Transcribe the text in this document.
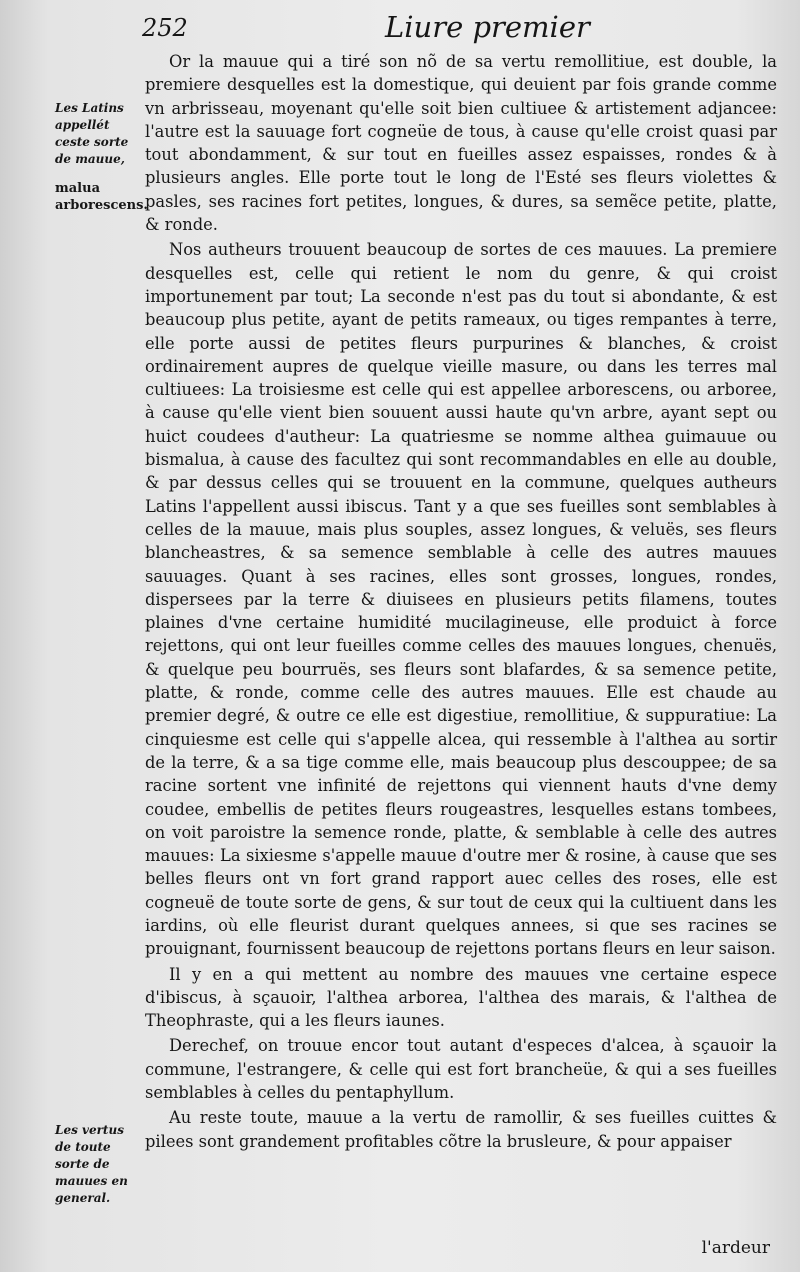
252	Liure premier
Les Latins appellét ceste sorte de mauue,
malua arborescens.
Les vertus de toute sorte de mauues en general.

Or la mauue qui a tiré son nõ de sa vertu remollitiue, est double, la premiere desquelles est la domestique, qui deuient par fois grande comme vn arbrisseau, moyenant qu'elle soit bien cultiuee & artistement adjancee: l'autre est la sauuage fort cogneüe de tous, à cause qu'elle croist quasi par tout abondamment, & sur tout en fueilles assez espaisses, rondes & à plusieurs angles. Elle porte tout le long de l'Esté ses fleurs violettes & pasles, ses racines fort petites, longues, & dures, sa semẽce petite, platte, & ronde.

Nos autheurs trouuent beaucoup de sortes de ces mauues. La premiere desquelles est, celle qui retient le nom du genre, & qui croist importunement par tout; La seconde n'est pas du tout si abondante, & est beaucoup plus petite, ayant de petits rameaux, ou tiges rempantes à terre, elle porte aussi de petites fleurs purpurines & blanches, & croist ordinairement aupres de quelque vieille masure, ou dans les terres mal cultiuees: La troisiesme est celle qui est appellee arborescens, ou arboree, à cause qu'elle vient bien souuent aussi haute qu'vn arbre, ayant sept ou huict coudees d'autheur: La quatriesme se nomme althea guimauue ou bismalua, à cause des facultez qui sont recommandables en elle au double, & par dessus celles qui se trouuent en la commune, quelques autheurs Latins l'appellent aussi ibiscus. Tant y a que ses fueilles sont semblables à celles de la mauue, mais plus souples, assez longues, & veluës, ses fleurs blancheastres, & sa semence semblable à celle des autres mauues sauuages. Quant à ses racines, elles sont grosses, longues, rondes, dispersees par la terre & diuisees en plusieurs petits filamens, toutes plaines d'vne certaine humidité mucilagineuse, elle produict à force rejettons, qui ont leur fueilles comme celles des mauues longues, chenuës, & quelque peu bourruës, ses fleurs sont blafardes, & sa semence petite, platte, & ronde, comme celle des autres mauues. Elle est chaude au premier degré, & outre ce elle est digestiue, remollitiue, & suppuratiue: La cinquiesme est celle qui s'appelle alcea, qui ressemble à l'althea au sortir de la terre, & a sa tige comme elle, mais beaucoup plus descouppee; de sa racine sortent vne infinité de rejettons qui viennent hauts d'vne demy coudee, embellis de petites fleurs rougeastres, lesquelles estans tombees, on voit paroistre la semence ronde, platte, & semblable à celle des autres mauues: La sixiesme s'appelle mauue d'outre mer & rosine, à cause que ses belles fleurs ont vn fort grand rapport auec celles des roses, elle est cogneuë de toute sorte de gens, & sur tout de ceux qui la cultiuent dans les iardins, où elle fleurist durant quelques annees, si que ses racines se prouignant, fournissent beaucoup de rejettons portans fleurs en leur saison.

Il y en a qui mettent au nombre des mauues vne certaine espece d'ibiscus, à sçauoir, l'althea arborea, l'althea des marais, & l'althea de Theophraste, qui a les fleurs iaunes.

Derechef, on trouue encor tout autant d'especes d'alcea, à sçauoir la commune, l'estrangere, & celle qui est fort brancheüe, & qui a ses fueilles semblables à celles du pentaphyllum.

Au reste toute, mauue a la vertu de ramollir, & ses fueilles cuittes & pilees sont grandement profitables cõtre la brusleure, & pour appaiser

l'ardeur
